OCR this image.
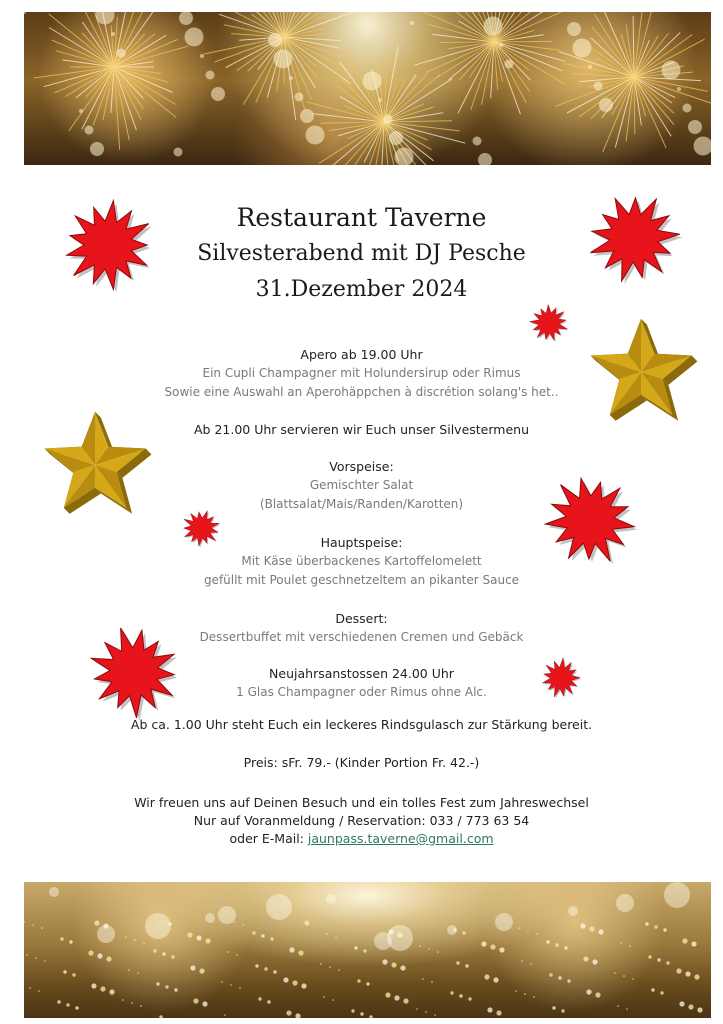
Restaurant Taverne
Silvesterabend mit DJ Pesche
31.Dezember 2024
Apero ab 19.00 Uhr
Ein Cupli Champagner mit Holundersirup oder Rimus
Sowie eine Auswahl an Aperohäppchen à discrétion solang's het..
Ab 21.00 Uhr servieren wir Euch unser Silvestermenu
Vorspeise:
Gemischter Salat
(Blattsalat/Mais/Randen/Karotten)
Hauptspeise:
Mit Käse überbackenes Kartoffelomelett
gefüllt mit Poulet geschnetzeltem an pikanter Sauce
Dessert:
Dessertbuffet mit verschiedenen Cremen und Gebäck
Neujahrsanstossen 24.00 Uhr
1 Glas Champagner oder Rimus ohne Alc.
Ab ca. 1.00 Uhr steht Euch ein leckeres Rindsgulasch zur Stärkung bereit.
Preis: sFr. 79.- (Kinder Portion Fr. 42.-)
Wir freuen uns auf Deinen Besuch und ein tolles Fest zum Jahreswechsel
Nur auf Voranmeldung / Reservation: 033 / 773 63 54
oder E-Mail: jaunpass.taverne@gmail.com
